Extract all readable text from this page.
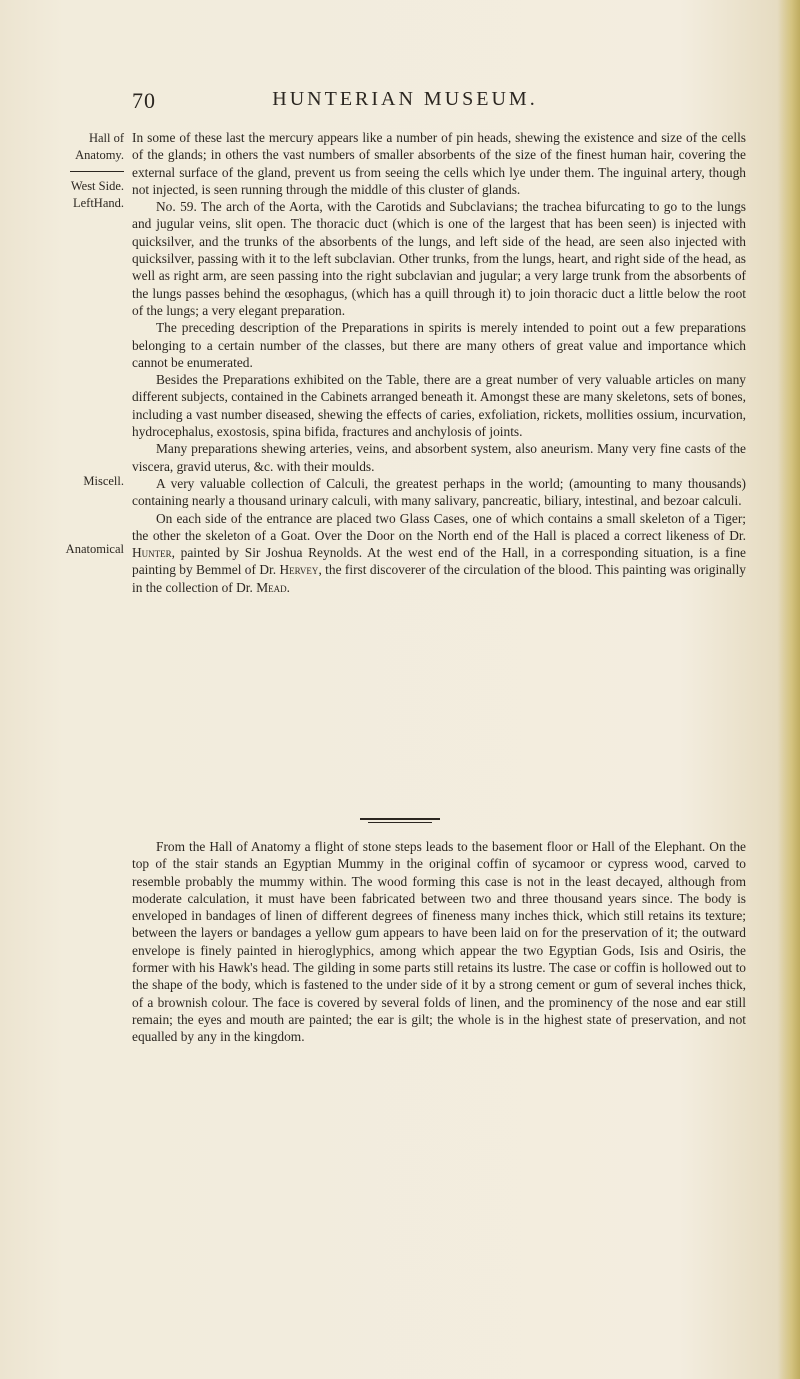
70	HUNTERIAN MUSEUM.
Hall of
Anatomy.
West Side.
LeftHand.
Miscell.
Anatomical

In some of these last the mercury appears like a number of pin heads, shewing the existence and size of the cells of the glands; in others the vast numbers of smaller absorbents of the size of the finest human hair, covering the external surface of the gland, prevent us from seeing the cells which lye under them. The inguinal artery, though not injected, is seen running through the middle of this cluster of glands.

No. 59. The arch of the Aorta, with the Carotids and Subclavians; the trachea bifurcating to go to the lungs and jugular veins, slit open. The thoracic duct (which is one of the largest that has been seen) is injected with quicksilver, and the trunks of the absorbents of the lungs, and left side of the head, are seen also injected with quicksilver, passing with it to the left subclavian. Other trunks, from the lungs, heart, and right side of the head, as well as right arm, are seen passing into the right subclavian and jugular; a very large trunk from the absorbents of the lungs passes behind the œsophagus, (which has a quill through it) to join thoracic duct a little below the root of the lungs; a very elegant preparation.

The preceding description of the Preparations in spirits is merely intended to point out a few preparations belonging to a certain number of the classes, but there are many others of great value and importance which cannot be enumerated.

Besides the Preparations exhibited on the Table, there are a great number of very valuable articles on many different subjects, contained in the Cabinets arranged beneath it. Amongst these are many skeletons, sets of bones, including a vast number diseased, shewing the effects of caries, exfoliation, rickets, mollities ossium, incurvation, hydrocephalus, exostosis, spina bifida, fractures and anchylosis of joints.

Many preparations shewing arteries, veins, and absorbent system, also aneurism. Many very fine casts of the viscera, gravid uterus, &c. with their moulds.

A very valuable collection of Calculi, the greatest perhaps in the world; (amounting to many thousands) containing nearly a thousand urinary calculi, with many salivary, pancreatic, biliary, intestinal, and bezoar calculi.

On each side of the entrance are placed two Glass Cases, one of which contains a small skeleton of a Tiger; the other the skeleton of a Goat. Over the Door on the North end of the Hall is placed a correct likeness of Dr. Hunter, painted by Sir Joshua Reynolds. At the west end of the Hall, in a corresponding situation, is a fine painting by Bemmel of Dr. Hervey, the first discoverer of the circulation of the blood. This painting was originally in the collection of Dr. Mead.

From the Hall of Anatomy a flight of stone steps leads to the basement floor or Hall of the Elephant. On the top of the stair stands an Egyptian Mummy in the original coffin of sycamoor or cypress wood, carved to resemble probably the mummy within. The wood forming this case is not in the least decayed, although from moderate calculation, it must have been fabricated between two and three thousand years since. The body is enveloped in bandages of linen of different degrees of fineness many inches thick, which still retains its texture; between the layers or bandages a yellow gum appears to have been laid on for the preservation of it; the outward envelope is finely painted in hieroglyphics, among which appear the two Egyptian Gods, Isis and Osiris, the former with his Hawk's head. The gilding in some parts still retains its lustre. The case or coffin is hollowed out to the shape of the body, which is fastened to the under side of it by a strong cement or gum of several inches thick, of a brownish colour. The face is covered by several folds of linen, and the prominency of the nose and ear still remain; the eyes and mouth are painted; the ear is gilt; the whole is in the highest state of preservation, and not equalled by any in the kingdom.
